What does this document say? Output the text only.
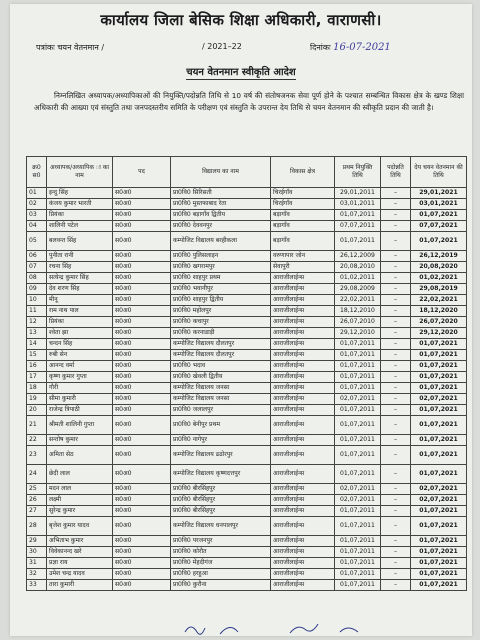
कार्यालय जिला बेसिक शिक्षा अधिकारी, वाराणसी।
पत्रांकः चयन वेतनमान /	/ 2021–22	दिनांकः 16-07-2021
चयन वेतनमान स्वीकृति आदेश
निम्नलिखित अध्यापक/अध्यापिकाओं की नियुक्ति/पदोन्नति तिथि से 10 वर्ष की संतोषजनक सेवा पूर्ण होने के पश्चात सम्बन्धित विकास क्षेत्र के खण्ड शिक्षा अधिकारी की आख्या एवं संस्तुति तथा जनपदस्तरीय समिति के परीक्षण एवं संस्तुति के उपरान्त देय तिथि से चयन वेतनमान की स्वीकृति प्रदान की जाती है।
क्र0 स0	अध्यापक/अध्यापिक ा का नाम	पद	विद्यालय का नाम	विकास क्षेत्र	प्रथम नियुक्ति तिथि	पदोन्नति तिथि	देय चयन वेतनमान की तिथि
01	इन्दु सिंह	स0अ0	प्रा0वि0 सिरिसती	चिरईगाँव	29,01,2011	–	29,01,2021
02	कंजय कुमार भारती	स0अ0	प्रा0वि0 मुस्तफाबाद रेता	चिरईगाँव	03,01,2011	–	03,01,2021
03	प्रियंका	स0अ0	प्रा0वि0 बड़ागाँव द्वितीय	बड़ागाँव	01,07,2011	–	01,07,2021
04	शालिनी पटेल	स0अ0	प्रा0वि0 देववनपुर	बड़ागाँव	07,07,2011	–	07,07,2021
05	बलवन्त सिंह	स0अ0	कम्पोजिट विद्यालय बरहीकला	बड़ागाँव	01,07,2011	–	01,07,2021
06	पुनीता रानी	स0अ0	प्रा0वि0 पुलिसलाइन	वरुणापार जोन	26,12,2009	–	26,12,2019
07	रचना सिंह	स0अ0	प्रा0वि0 खगरामपुर	सेवापुरी	20,08,2010	–	20,08,2020
08	सत्येन्द्र कुमार सिंह	स0अ0	प्रा0वि0 शाहपुर प्रथम	आराजीलाईन्स	01,02,2011	–	01,02,2021
09	देव शरण सिंह	स0अ0	प्रा0वि0 भवानीपुर	आराजीलाईन्स	29,08,2009	–	29,08,2019
10	मीनू	स0अ0	प्रा0वि0 शाहपुर द्वितीय	आराजीलाईन्स	22,02,2011	–	22,02,2021
11	राम नाथ पाल	स0अ0	प्रा0वि0 महोलपुर	आराजीलाईन्स	18,12,2010	–	18,12,2020
12	प्रियंका	स0अ0	प्रा0वि0 कचापुर	आराजीलाईन्स	26,07,2010	–	26,07,2020
13	श्वेता झा	स0अ0	प्रा0वि0 करनाडाड़ी	आराजीलाईन्स	29,12,2010	–	29,12,2020
14	चन्दन सिंह	स0अ0	कम्पोजिट विद्यालय दौलतपुर	आराजीलाईन्स	01,07,2011	–	01,07,2021
15	रुबी सेन	स0अ0	कम्पोजिट विद्यालय दौलतपुर	आराजीलाईन्स	01,07,2011	–	01,07,2021
16	आनन्द वर्मा	स0अ0	प्रा0वि0 भदाव	आराजीलाईन्स	01,07,2011	–	01,07,2021
17	कृष्ण कुमार गुप्ता	स0अ0	प्रा0वि0 खेवली द्वितीय	आराजीलाईन्स	01,07,2011	–	01,07,2021
18	गौरी	स0अ0	कम्पोजिट विद्यालय जनसा	आराजीलाईन्स	01,07,2011	–	01,07,2021
19	सीमा कुमारी	स0अ0	कम्पोजिट विद्यालय जनसा	आराजीलाईन्स	02,07,2011	–	02,07,2021
20	राजेन्द्र त्रिपाठी	स0अ0	प्रा0वि0 जलालपुर	आराजीलाईन्स	01,07,2011	–	01,07,2021
21	श्रीमती शालिनी गुप्ता	स0अ0	प्रा0वि0 बेनीपुर प्रथम	आराजीलाईन्स	01,07,2011	–	01,07,2021
22	सन्तोष कुमार	स0अ0	प्रा0वि0 नागेपुर	आराजीलाईन्स	01,07,2011	–	01,07,2021
23	अमिता सेठ	स0अ0	कम्पोजिट विद्यालय ढढोरपुर	आराजीलाईन्स	01,07,2011	–	01,07,2021
24	छेदी लाल	स0अ0	कम्पोजिट विद्यालय कृष्णदत्तपुर	आराजीलाईन्स	01,07,2011	–	01,07,2021
25	मदन लाल	स0अ0	प्रा0वि0 बीरसिंहपुर	आराजीलाईन्स	02,07,2011	–	02,07,2021
26	लक्ष्मी	स0अ0	प्रा0वि0 बीरसिंहपुर	आराजीलाईन्स	02,07,2011	–	02,07,2021
27	सुरेन्द्र कुमार	स0अ0	प्रा0वि0 बीरसिंहपुर	आराजीलाईन्स	01,07,2011	–	01,07,2021
28	बृजेश कुमार यादव	स0अ0	कम्पोजिट विद्यालय धनपालपुर	आराजीलाईन्स	01,07,2011	–	01,07,2021
29	अभिताभ कुमार	स0अ0	प्रा0वि0 परजनपुर	आराजीलाईन्स	01,07,2011	–	01,07,2021
30	विवेकानन्द खरे	स0अ0	प्रा0वि0 कोरौत	आराजीलाईन्स	01,07,2011	–	01,07,2021
31	प्रज्ञा राय	स0अ0	प्रा0वि0 मेंहदीगंज	आराजीलाईन्स	01,07,2011	–	01,07,2021
32	उमेश चन्द्र यादव	स0अ0	प्रा0वि0 हरहुआ	आराजीलाईन्स	01,07,2011	–	01,07,2021
33	तारा कुमारी	स0अ0	प्रा0वि0 कुरौना	आराजीलाईन्स	01,07,2011	–	01,07,2021
